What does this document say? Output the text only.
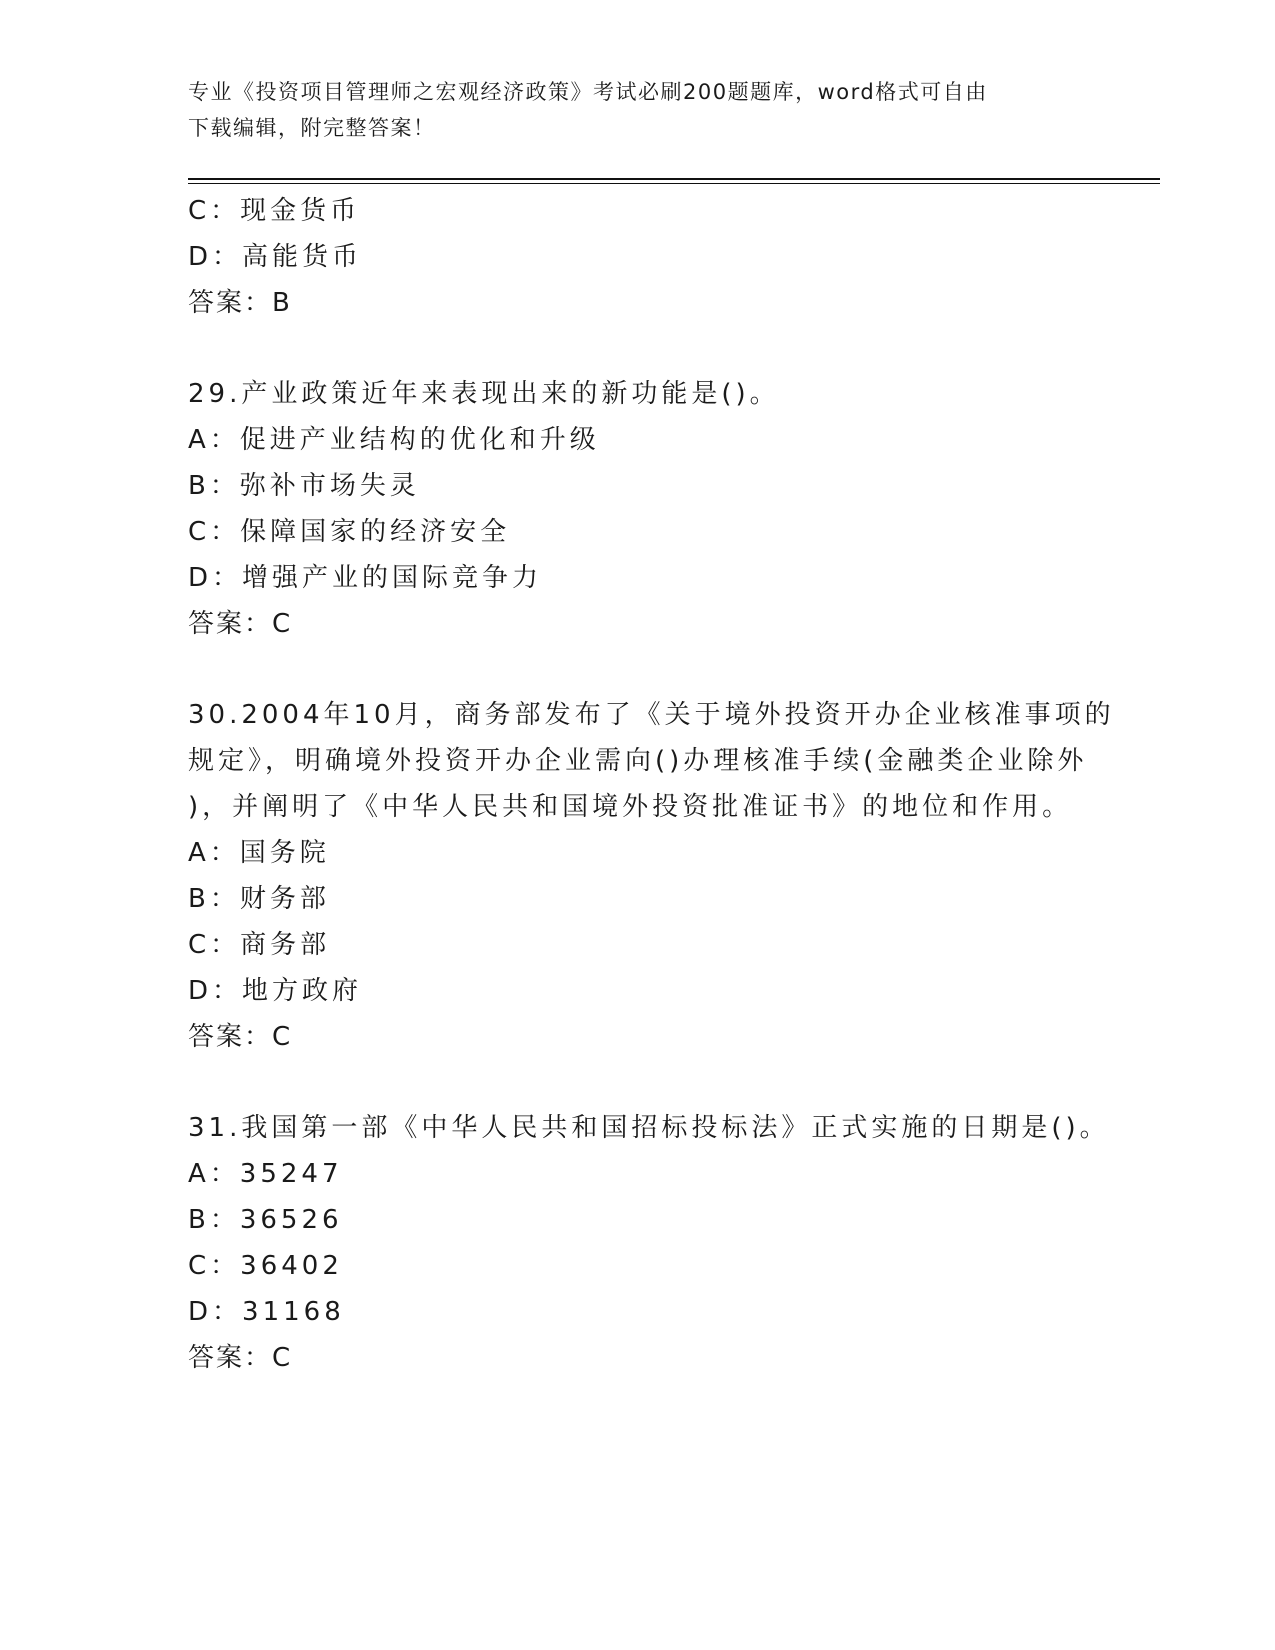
专业《投资项目管理师之宏观经济政策》考试必刷200题题库，word格式可自由
下载编辑，附完整答案！
C：现金货币
D：高能货币
答案：B
29.产业政策近年来表现出来的新功能是()。
A：促进产业结构的优化和升级
B：弥补市场失灵
C：保障国家的经济安全
D：增强产业的国际竞争力
答案：C
30.2004年10月，商务部发布了《关于境外投资开办企业核准事项的
规定》，明确境外投资开办企业需向()办理核准手续(金融类企业除外
)，并阐明了《中华人民共和国境外投资批准证书》的地位和作用。
A：国务院
B：财务部
C：商务部
D：地方政府
答案：C
31.我国第一部《中华人民共和国招标投标法》正式实施的日期是()。
A：35247
B：36526
C：36402
D：31168
答案：C
